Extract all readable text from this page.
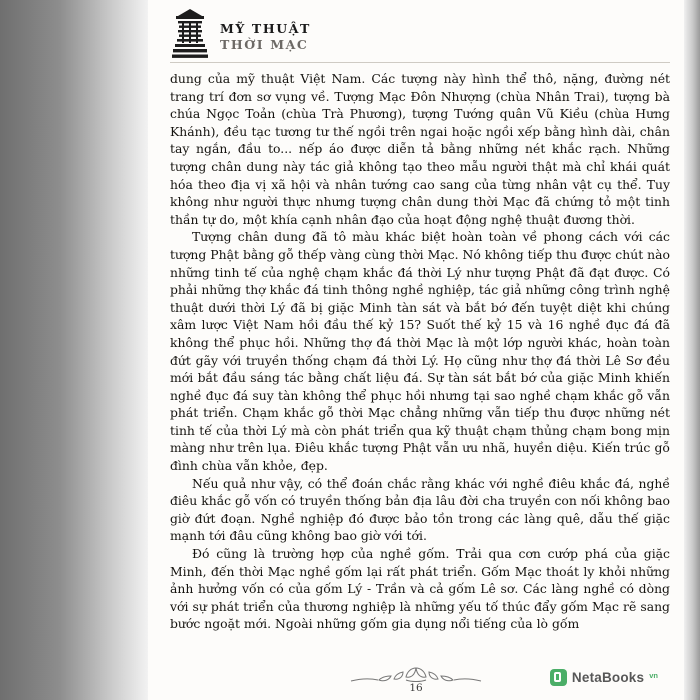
MỸ THUẬT
THỜI MẠC

dung của mỹ thuật Việt Nam. Các tượng này hình thể thô, nặng, đường nét trang trí đơn sơ vụng về. Tượng Mạc Đôn Nhượng (chùa Nhân Trai), tượng bà chúa Ngọc Toản (chùa Trà Phương), tượng Tướng quân Vũ Kiều (chùa Hưng Khánh), đều tạc tương tư thế ngồi trên ngai hoặc ngồi xếp bằng hình dài, chân tay ngắn, đầu to... nếp áo được diễn tả bằng những nét khắc rạch. Những tượng chân dung này tác giả không tạo theo mẫu người thật mà chỉ khái quát hóa theo địa vị xã hội và nhân tướng cao sang của từng nhân vật cụ thể. Tuy không như người thực nhưng tượng chân dung thời Mạc đã chứng tỏ một tinh thần tự do, một khía cạnh nhân đạo của hoạt động nghệ thuật đương thời.

Tượng chân dung đã tô màu khác biệt hoàn toàn về phong cách với các tượng Phật bằng gỗ thếp vàng cùng thời Mạc. Nó không tiếp thu được chút nào những tinh tế của nghệ chạm khắc đá thời Lý như tượng Phật đã đạt được. Có phải những thợ khắc đá tinh thông nghề nghiệp, tác giả những công trình nghệ thuật dưới thời Lý đã bị giặc Minh tàn sát và bắt bớ đến tuyệt diệt khi chúng xâm lược Việt Nam hồi đầu thế kỷ 15? Suốt thế kỷ 15 và 16 nghề đục đá đã không thể phục hồi. Những thợ đá thời Mạc là một lớp người khác, hoàn toàn đứt gãy với truyền thống chạm đá thời Lý. Họ cũng như thợ đá thời Lê Sơ đều mới bắt đầu sáng tác bằng chất liệu đá. Sự tàn sát bắt bớ của giặc Minh khiến nghề đục đá suy tàn không thể phục hồi nhưng tại sao nghề chạm khắc gỗ vẫn phát triển. Chạm khắc gỗ thời Mạc chẳng những vẫn tiếp thu được những nét tinh tế của thời Lý mà còn phát triển qua kỹ thuật chạm thủng chạm bong mịn màng như trên lụa. Điêu khắc tượng Phật vẫn ưu nhã, huyền diệu. Kiến trúc gỗ đình chùa vẫn khỏe, đẹp.

Nếu quả như vậy, có thể đoán chắc rằng khác với nghề điêu khắc đá, nghề điêu khắc gỗ vốn có truyền thống bản địa lâu đời cha truyền con nối không bao giờ đứt đoạn. Nghề nghiệp đó được bảo tồn trong các làng quê, dẫu thế giặc mạnh tới đâu cũng không bao giờ với tới.

Đó cũng là trường hợp của nghề gốm. Trải qua cơn cướp phá của giặc Minh, đến thời Mạc nghề gốm lại rất phát triển. Gốm Mạc thoát ly khỏi những ảnh hưởng vốn có của gốm Lý - Trần và cả gốm Lê sơ. Các làng nghề có dòng với sự phát triển của thương nghiệp là những yếu tố thúc đẩy gốm Mạc rẽ sang bước ngoặt mới. Ngoài những gốm gia dụng nổi tiếng của lò gốm

16
NetaBooks vn
